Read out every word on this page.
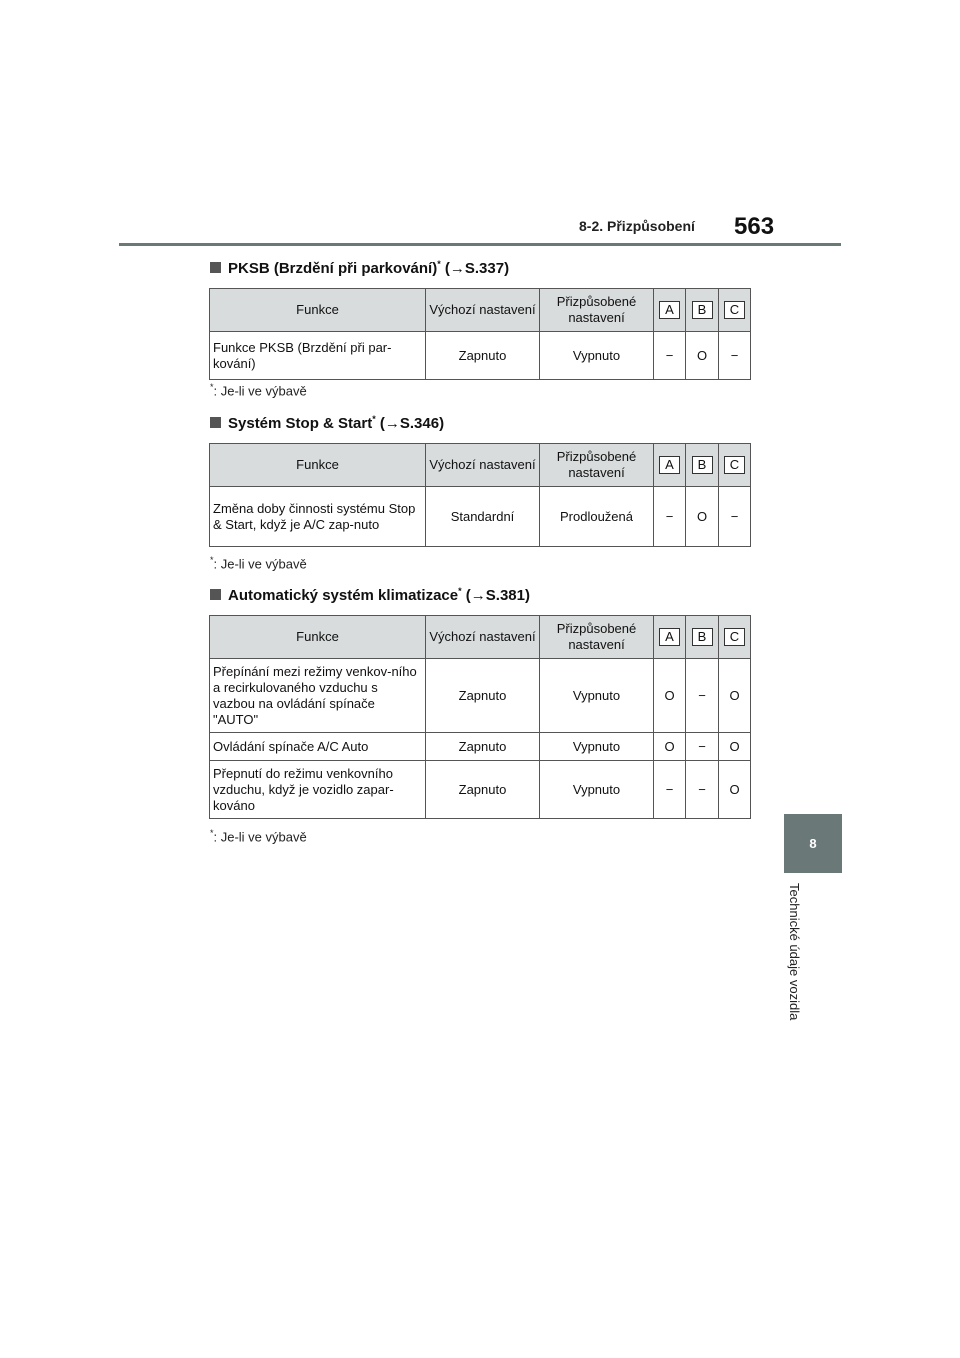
8-2. Přizpůsobení 563
8
Technické údaje vozidla
PKSB (Brzdění při parkování)* (→S.337)
Funkce	Výchozí nastavení	Přizpůsobené nastavení	A	B	C
Funkce PKSB (Brzdění při par-kování)	Zapnuto	Vypnuto	−	O	−
*: Je-li ve výbavě
Systém Stop & Start* (→S.346)
Funkce	Výchozí nastavení	Přizpůsobené nastavení	A	B	C
Změna doby činnosti systému Stop & Start, když je A/C zap-nuto	Standardní	Prodloužená	−	O	−
*: Je-li ve výbavě
Automatický systém klimatizace* (→S.381)
Funkce	Výchozí nastavení	Přizpůsobené nastavení	A	B	C
Přepínání mezi režimy venkov-ního a recirkulovaného vzduchu s vazbou na ovládání spínače "AUTO"	Zapnuto	Vypnuto	O	−	O
Ovládání spínače A/C Auto	Zapnuto	Vypnuto	O	−	O
Přepnutí do režimu venkovního vzduchu, když je vozidlo zapar-kováno	Zapnuto	Vypnuto	−	−	O
*: Je-li ve výbavě
